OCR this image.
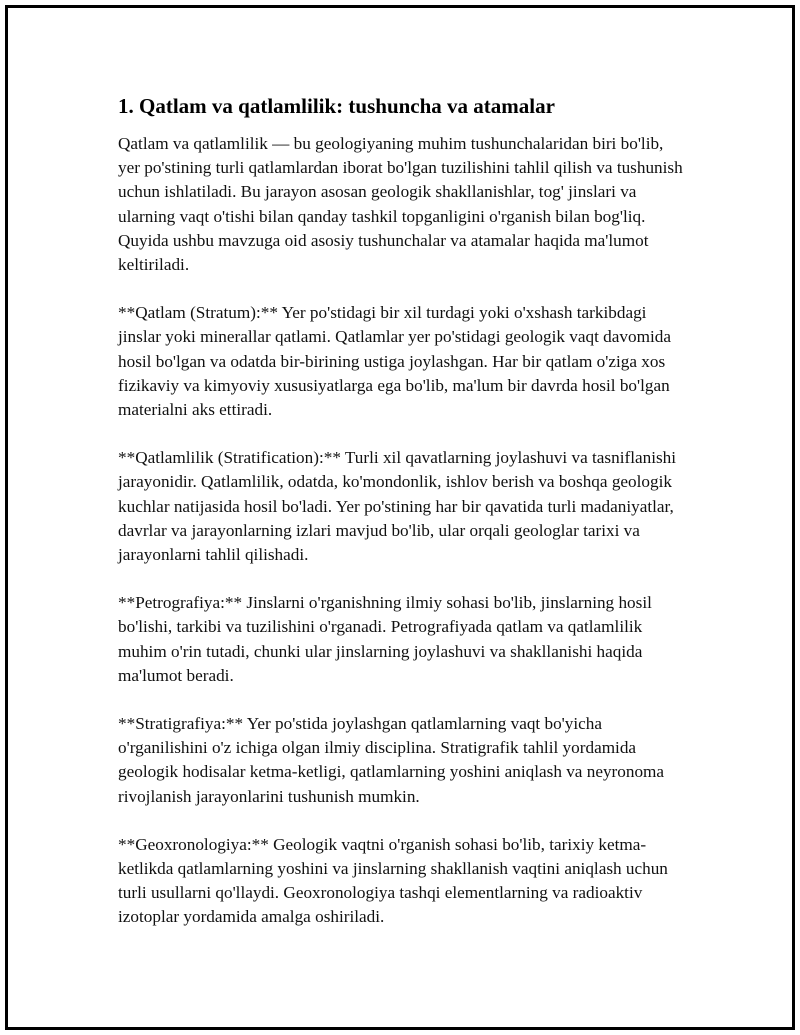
1. Qatlam va qatlamlilik: tushuncha va atamalar

Qatlam va qatlamlilik — bu geologiyaning muhim tushunchalaridan biri bo'lib, yer po'stining turli qatlamlardan iborat bo'lgan tuzilishini tahlil qilish va tushunish uchun ishlatiladi. Bu jarayon asosan geologik shakllanishlar, tog' jinslari va ularning vaqt o'tishi bilan qanday tashkil topganligini o'rganish bilan bog'liq. Quyida ushbu mavzuga oid asosiy tushunchalar va atamalar haqida ma'lumot keltiriladi.

**Qatlam (Stratum):** Yer po'stidagi bir xil turdagi yoki o'xshash tarkibdagi jinslar yoki minerallar qatlami. Qatlamlar yer po'stidagi geologik vaqt davomida hosil bo'lgan va odatda bir-birining ustiga joylashgan. Har bir qatlam o'ziga xos fizikaviy va kimyoviy xususiyatlarga ega bo'lib, ma'lum bir davrda hosil bo'lgan materialni aks ettiradi.

**Qatlamlilik (Stratification):** Turli xil qavatlarning joylashuvi va tasniflanishi jarayonidir. Qatlamlilik, odatda, ko'mondonlik, ishlov berish va boshqa geologik kuchlar natijasida hosil bo'ladi. Yer po'stining har bir qavatida turli madaniyatlar, davrlar va jarayonlarning izlari mavjud bo'lib, ular orqali geologlar tarixi va jarayonlarni tahlil qilishadi.

**Petrografiya:** Jinslarni o'rganishning ilmiy sohasi bo'lib, jinslarning hosil bo'lishi, tarkibi va tuzilishini o'rganadi. Petrografiyada qatlam va qatlamlilik muhim o'rin tutadi, chunki ular jinslarning joylashuvi va shakllanishi haqida ma'lumot beradi.

**Stratigrafiya:** Yer po'stida joylashgan qatlamlarning vaqt bo'yicha o'rganilishini o'z ichiga olgan ilmiy disciplina. Stratigrafik tahlil yordamida geologik hodisalar ketma-ketligi, qatlamlarning yoshini aniqlash va neyronoma rivojlanish jarayonlarini tushunish mumkin.

**Geoxronologiya:** Geologik vaqtni o'rganish sohasi bo'lib, tarixiy ketma-ketlikda qatlamlarning yoshini va jinslarning shakllanish vaqtini aniqlash uchun turli usullarni qo'llaydi. Geoxronologiya tashqi elementlarning va radioaktiv izotoplar yordamida amalga oshiriladi.
